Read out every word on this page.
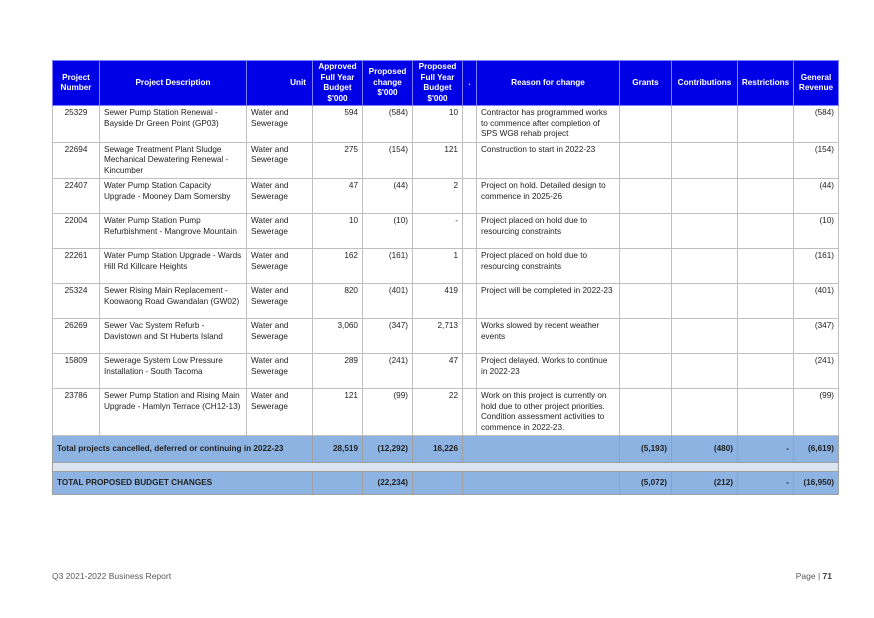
Project Number	Project Description	Unit	Approved Full Year Budget $'000	Proposed change $'000	Proposed Full Year Budget $'000	.	Reason for change	Grants	Contributions	Restrictions	General Revenue
25329	Sewer Pump Station Renewal - Bayside Dr Green Point (GP03)	Water and Sewerage	594	(584)	10		Contractor has programmed works to commence after completion of SPS WG8 rehab project				(584)
22694	Sewage Treatment Plant Sludge Mechanical Dewatering Renewal - Kincumber	Water and Sewerage	275	(154)	121		Construction to start in 2022-23				(154)
22407	Water Pump Station Capacity Upgrade - Mooney Dam Somersby	Water and Sewerage	47	(44)	2		Project on hold. Detailed design to commence in 2025-26				(44)
22004	Water Pump Station Pump Refurbishment - Mangrove Mountain	Water and Sewerage	10	(10)	-		Project placed on hold due to resourcing constraints				(10)
22261	Water Pump Station Upgrade - Wards Hill Rd Killcare Heights	Water and Sewerage	162	(161)	1		Project placed on hold due to resourcing constraints				(161)
25324	Sewer Rising Main Replacement - Koowaong Road Gwandalan (GW02)	Water and Sewerage	820	(401)	419		Project will be completed in 2022-23				(401)
26269	Sewer Vac System Refurb - Davistown and St Huberts Island	Water and Sewerage	3,060	(347)	2,713		Works slowed by recent weather events				(347)
15809	Sewerage System Low Pressure Installation - South Tacoma	Water and Sewerage	289	(241)	47		Project delayed. Works to continue in 2022-23				(241)
23786	Sewer Pump Station and Rising Main Upgrade - Hamlyn Terrace (CH12-13)	Water and Sewerage	121	(99)	22		Work on this project is currently on hold due to other project priorities. Condition assessment activities to commence in 2022-23.				(99)
Total projects cancelled, deferred or continuing in 2022-23			28,519	(12,292)	16,226			(5,193)	(480)	-	(6,619)

TOTAL PROPOSED BUDGET CHANGES				(22,234)				(5,072)	(212)	-	(16,950)
Q3 2021-2022 Business Report	Page | 71
